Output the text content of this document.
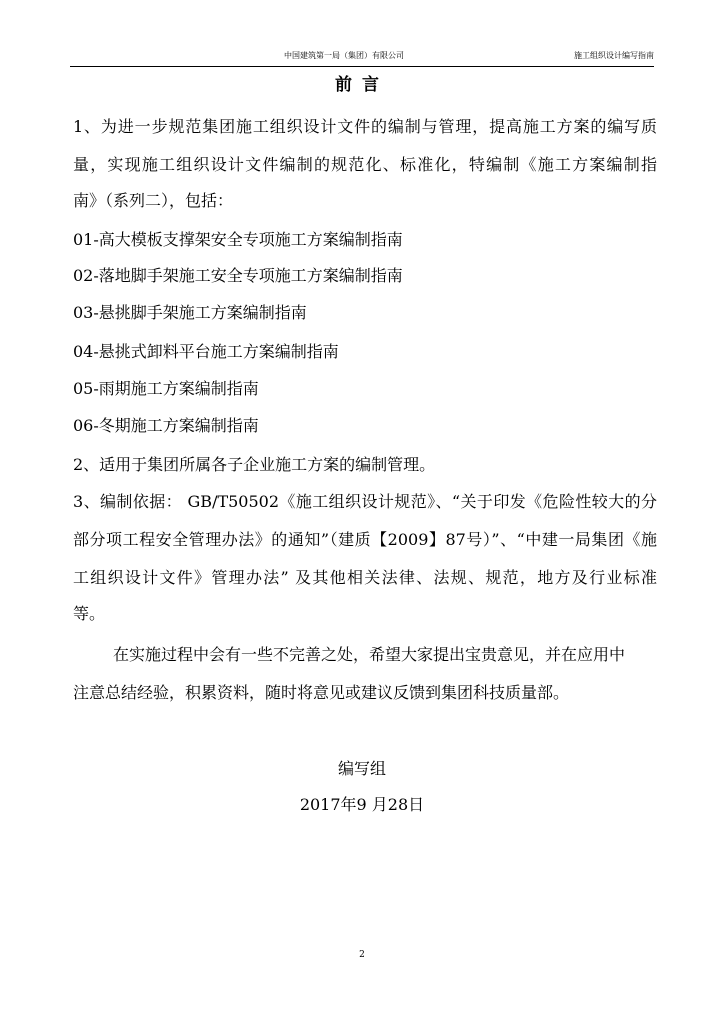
中国建筑第一局（集团）有限公司	施工组织设计编写指南
前言
1、为进一步规范集团施工组织设计文件的编制与管理，提高施工方案的编写质
量，实现施工组织设计文件编制的规范化、标准化，特编制《施工方案编制指
南》（系列二），包括：
01-高大模板支撑架安全专项施工方案编制指南
02-落地脚手架施工安全专项施工方案编制指南
03-悬挑脚手架施工方案编制指南
04-悬挑式卸料平台施工方案编制指南
05-雨期施工方案编制指南
06-冬期施工方案编制指南
2、适用于集团所属各子企业施工方案的编制管理。
3、编制依据： GB/T50502《施工组织设计规范》、“关于印发《危险性较大的分
部分项工程安全管理办法》的通知”（建质【2009】87号）”、“中建一局集团《施
工组织设计文件》管理办法” 及其他相关法律、法规、规范，地方及行业标准
等。
在实施过程中会有一些不完善之处，希望大家提出宝贵意见，并在应用中
注意总结经验，积累资料，随时将意见或建议反馈到集团科技质量部。
编写组
2017年9 月28日
2
